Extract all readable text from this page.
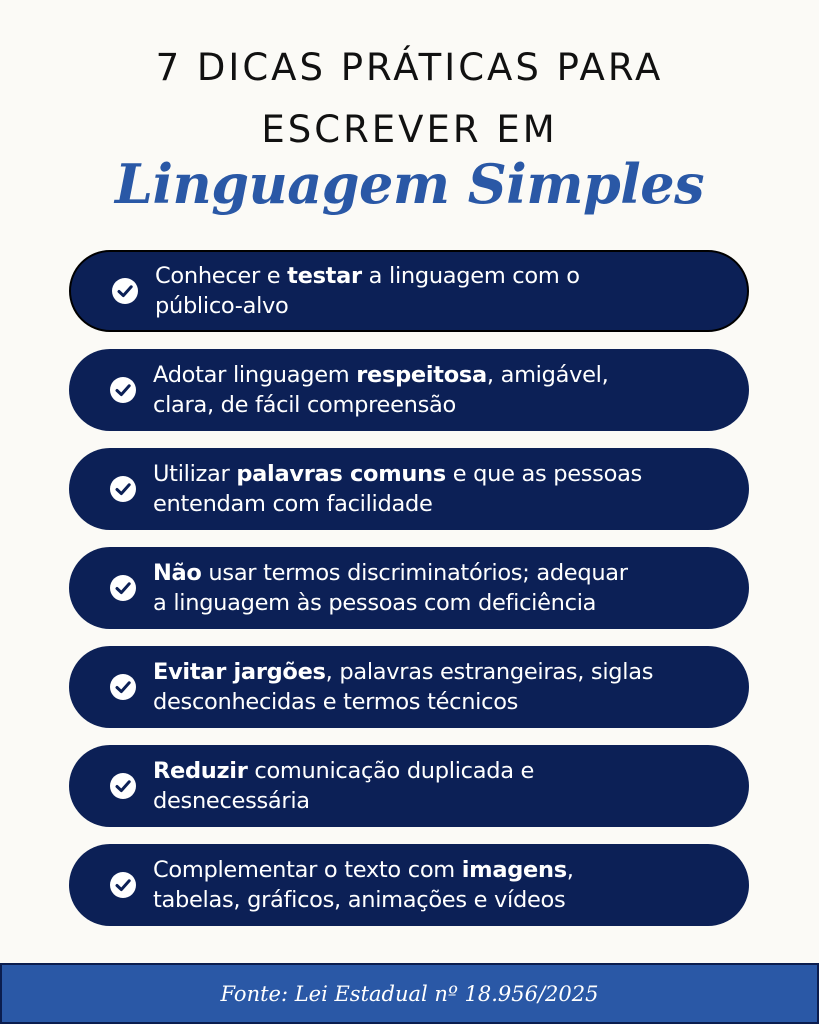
7 DICAS PRÁTICAS PARA
ESCREVER EM
Linguagem Simples
Conhecer e testar a linguagem com o
público-alvo
Adotar linguagem respeitosa, amigável,
clara, de fácil compreensão
Utilizar palavras comuns e que as pessoas
entendam com facilidade
Não usar termos discriminatórios; adequar
a linguagem às pessoas com deficiência
Evitar jargões, palavras estrangeiras, siglas
desconhecidas e termos técnicos
Reduzir comunicação duplicada e
desnecessária
Complementar o texto com imagens,
tabelas, gráficos, animações e vídeos
Fonte: Lei Estadual nº 18.956/2025
